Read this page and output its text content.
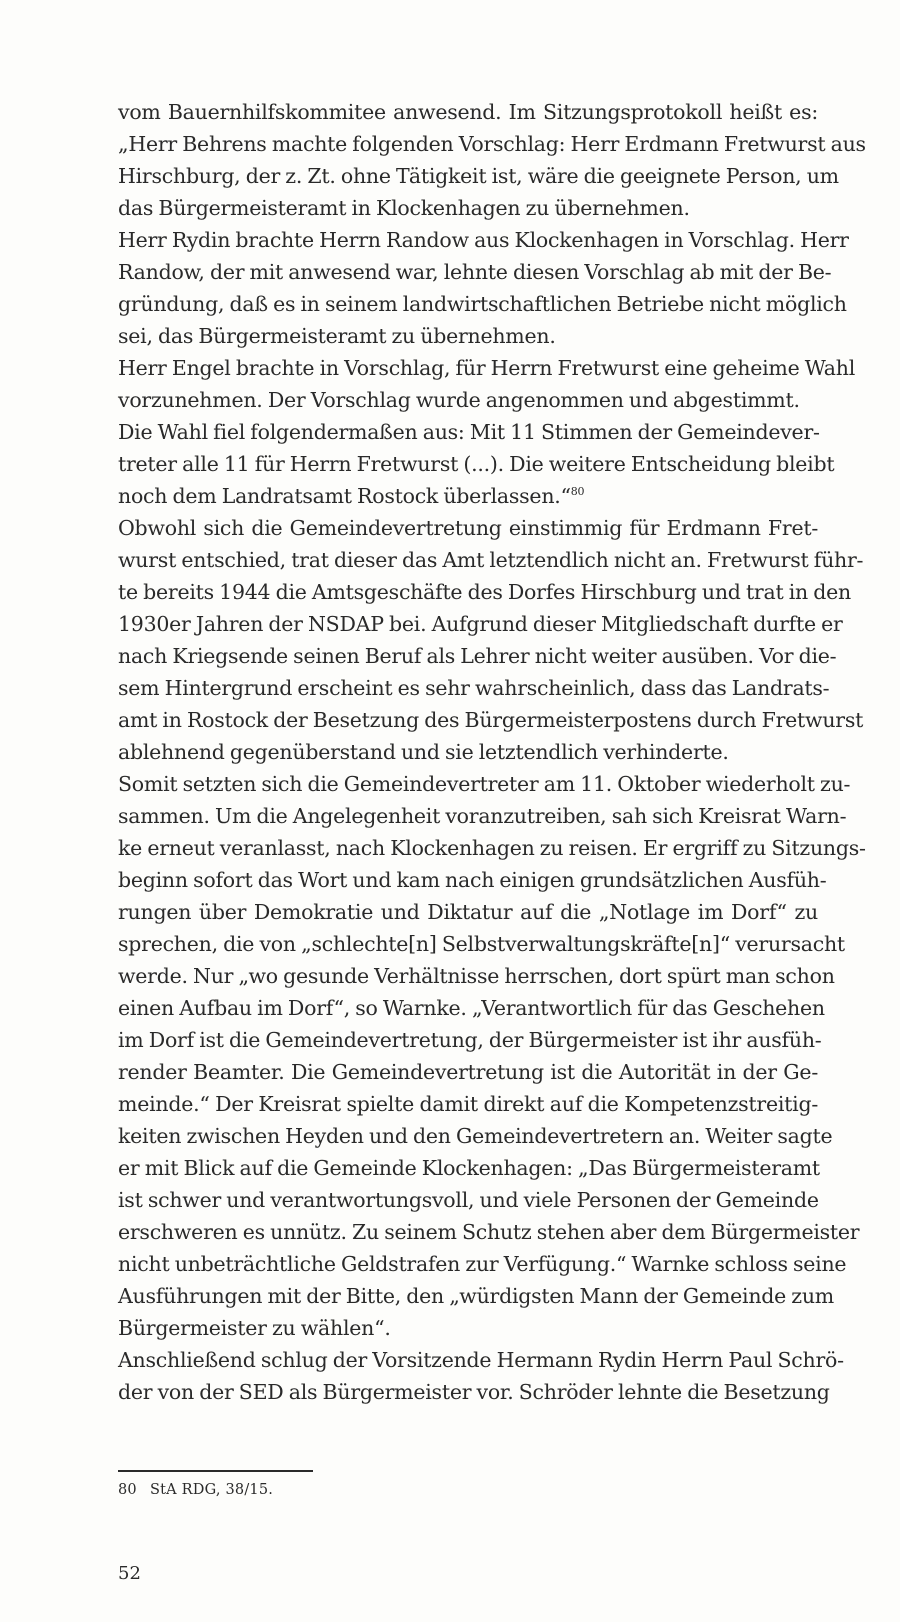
vom Bauernhilfskommitee anwesend. Im Sitzungsprotokoll heißt es:
„Herr Behrens machte folgenden Vorschlag: Herr Erdmann Fretwurst aus
Hirschburg, der z. Zt. ohne Tätigkeit ist, wäre die geeignete Person, um
das Bürgermeisteramt in Klockenhagen zu übernehmen.
Herr Rydin brachte Herrn Randow aus Klockenhagen in Vorschlag. Herr
Randow, der mit anwesend war, lehnte diesen Vorschlag ab mit der Be-
gründung, daß es in seinem landwirtschaftlichen Betriebe nicht möglich
sei, das Bürgermeisteramt zu übernehmen.
Herr Engel brachte in Vorschlag, für Herrn Fretwurst eine geheime Wahl
vorzunehmen. Der Vorschlag wurde angenommen und abgestimmt.
Die Wahl fiel folgendermaßen aus: Mit 11 Stimmen der Gemeindever-
treter alle 11 für Herrn Fretwurst (...). Die weitere Entscheidung bleibt
noch dem Landratsamt Rostock überlassen.“$^{80}$
Obwohl sich die Gemeindevertretung einstimmig für Erdmann Fret-
wurst entschied, trat dieser das Amt letztendlich nicht an. Fretwurst führ-
te bereits 1944 die Amtsgeschäfte des Dorfes Hirschburg und trat in den
1930er Jahren der NSDAP bei. Aufgrund dieser Mitgliedschaft durfte er
nach Kriegsende seinen Beruf als Lehrer nicht weiter ausüben. Vor die-
sem Hintergrund erscheint es sehr wahrscheinlich, dass das Landrats-
amt in Rostock der Besetzung des Bürgermeisterpostens durch Fretwurst
ablehnend gegenüberstand und sie letztendlich verhinderte.
Somit setzten sich die Gemeindevertreter am 11. Oktober wiederholt zu-
sammen. Um die Angelegenheit voranzutreiben, sah sich Kreisrat Warn-
ke erneut veranlasst, nach Klockenhagen zu reisen. Er ergriff zu Sitzungs-
beginn sofort das Wort und kam nach einigen grundsätzlichen Ausfüh-
rungen über Demokratie und Diktatur auf die „Notlage im Dorf“ zu
sprechen, die von „schlechte[n] Selbstverwaltungskräfte[n]“ verursacht
werde. Nur „wo gesunde Verhältnisse herrschen, dort spürt man schon
einen Aufbau im Dorf“, so Warnke. „Verantwortlich für das Geschehen
im Dorf ist die Gemeindevertretung, der Bürgermeister ist ihr ausfüh-
render Beamter. Die Gemeindevertretung ist die Autorität in der Ge-
meinde.“ Der Kreisrat spielte damit direkt auf die Kompetenzstreitig-
keiten zwischen Heyden und den Gemeindevertretern an. Weiter sagte
er mit Blick auf die Gemeinde Klockenhagen: „Das Bürgermeisteramt
ist schwer und verantwortungsvoll, und viele Personen der Gemeinde
erschweren es unnütz. Zu seinem Schutz stehen aber dem Bürgermeister
nicht unbeträchtliche Geldstrafen zur Verfügung.“ Warnke schloss seine
Ausführungen mit der Bitte, den „würdigsten Mann der Gemeinde zum
Bürgermeister zu wählen“.
Anschließend schlug der Vorsitzende Hermann Rydin Herrn Paul Schrö-
der von der SED als Bürgermeister vor. Schröder lehnte die Besetzung
80 StA RDG, 38/15.
52
